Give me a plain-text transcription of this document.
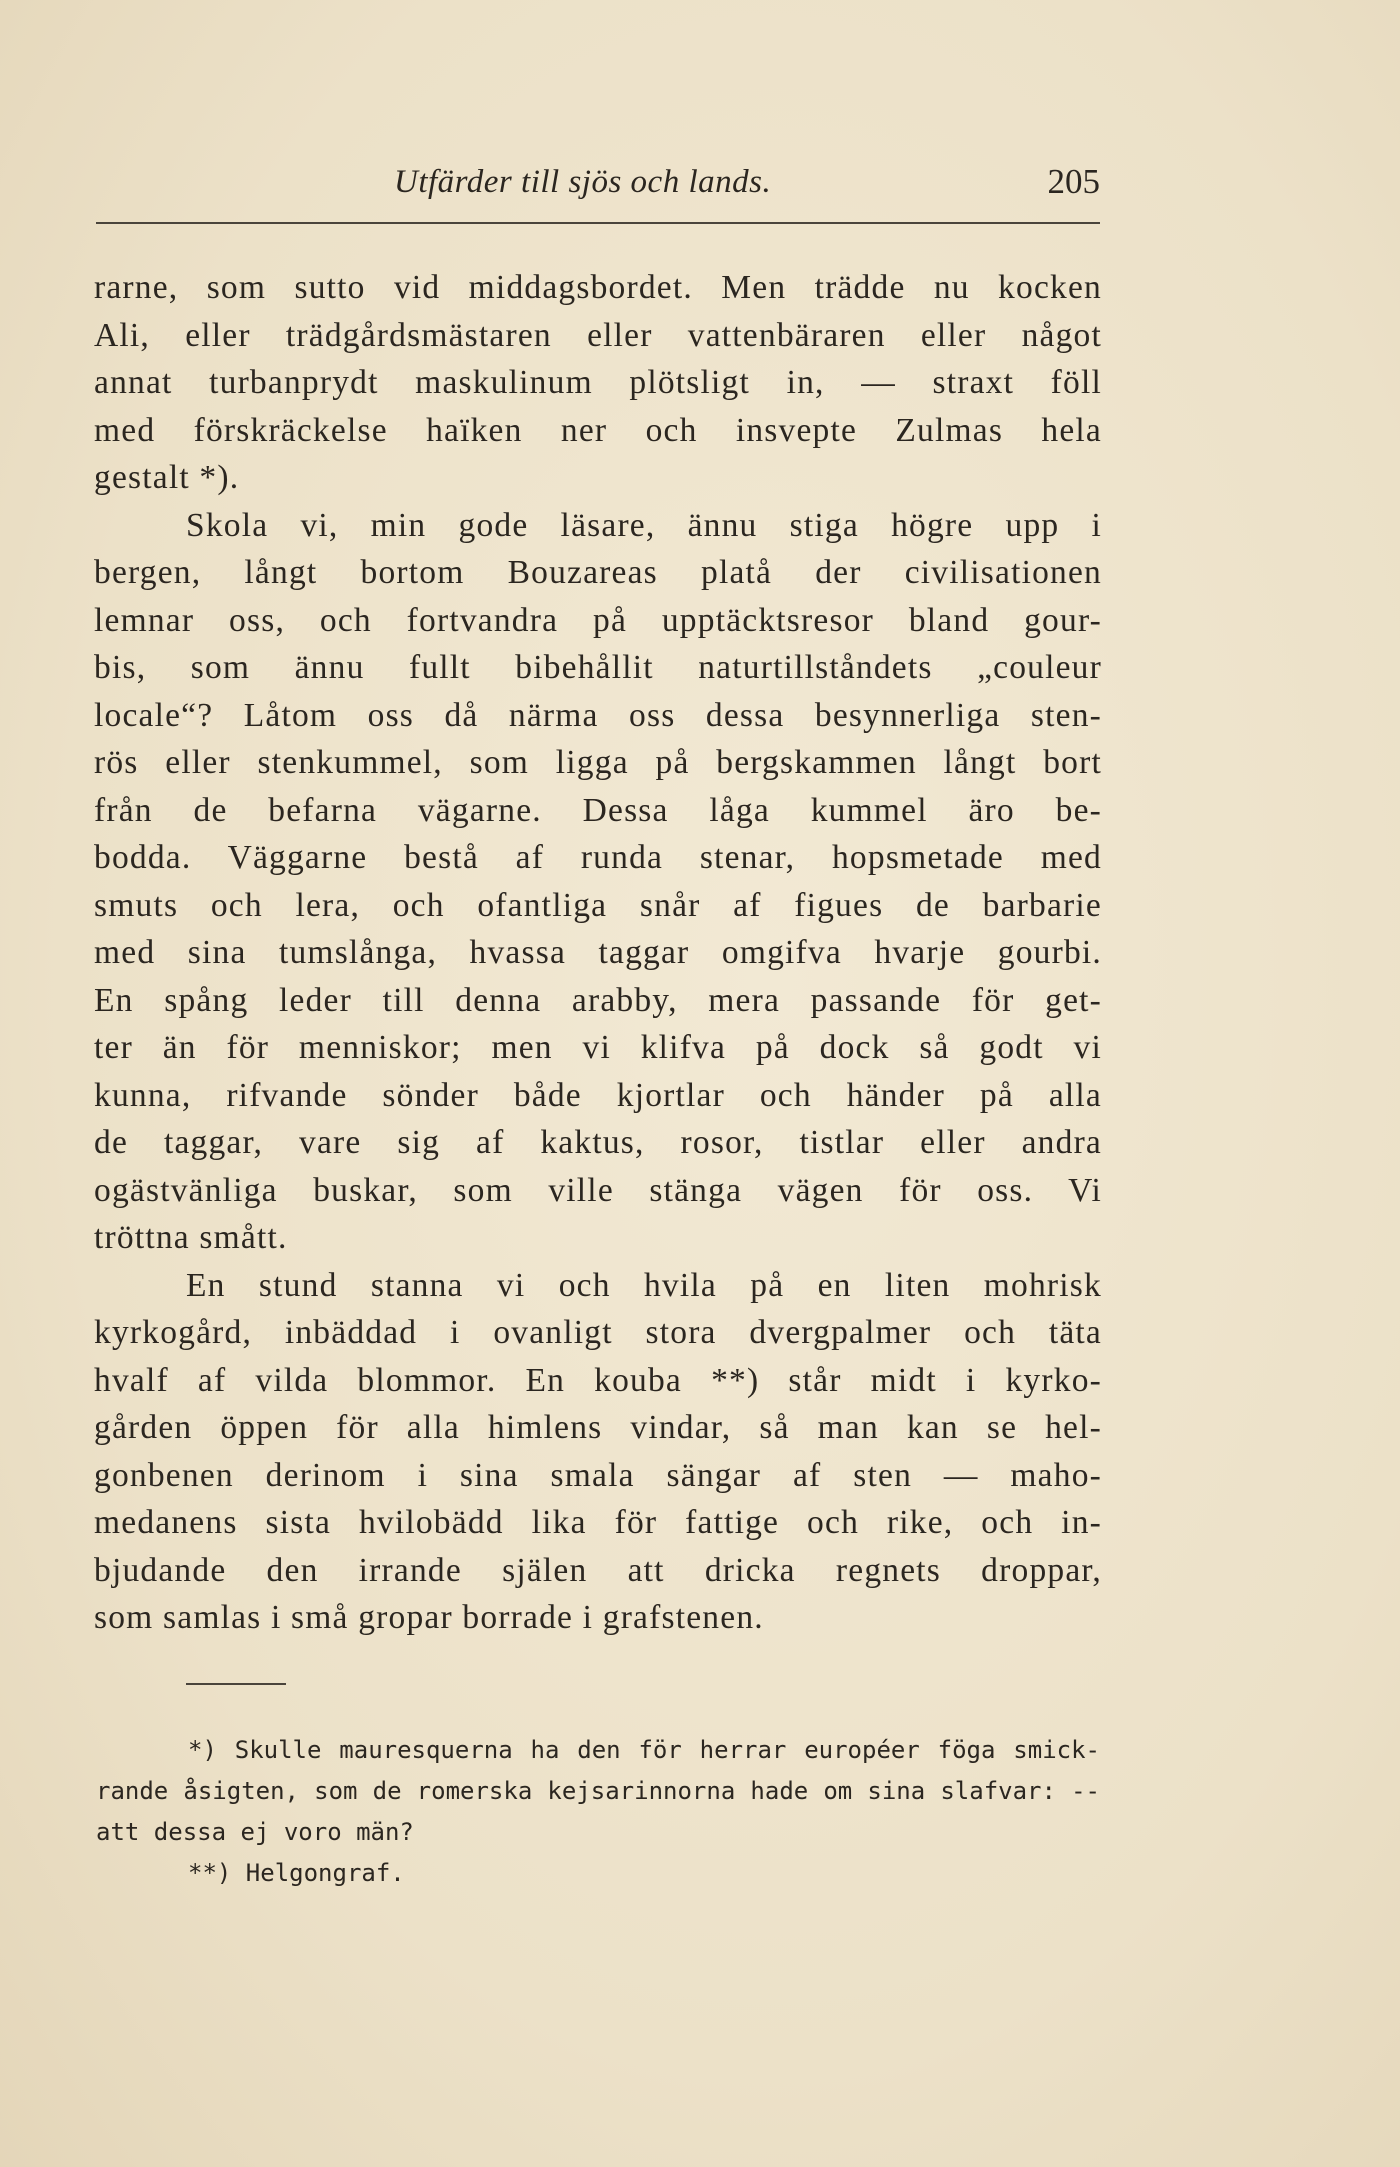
Utfärder till sjös och lands.	205
rarne, som sutto vid middagsbordet. Men trädde nu kocken
Ali, eller trädgårdsmästaren eller vattenbäraren eller något
annat turbanprydt maskulinum plötsligt in, — straxt föll
med förskräckelse haïken ner och insvepte Zulmas hela
gestalt *).
Skola vi, min gode läsare, ännu stiga högre upp i
bergen, långt bortom Bouzareas platå der civilisationen
lemnar oss, och fortvandra på upptäcktsresor bland gour-
bis, som ännu fullt bibehållit naturtillståndets „couleur
locale“? Låtom oss då närma oss dessa besynnerliga sten-
rös eller stenkummel, som ligga på bergskammen långt bort
från de befarna vägarne. Dessa låga kummel äro be-
bodda. Väggarne bestå af runda stenar, hopsmetade med
smuts och lera, och ofantliga snår af figues de barbarie
med sina tumslånga, hvassa taggar omgifva hvarje gourbi.
En spång leder till denna arabby, mera passande för get-
ter än för menniskor; men vi klifva på dock så godt vi
kunna, rifvande sönder både kjortlar och händer på alla
de taggar, vare sig af kaktus, rosor, tistlar eller andra
ogästvänliga buskar, som ville stänga vägen för oss. Vi
tröttna smått.
En stund stanna vi och hvila på en liten mohrisk
kyrkogård, inbäddad i ovanligt stora dvergpalmer och täta
hvalf af vilda blommor. En kouba **) står midt i kyrko-
gården öppen för alla himlens vindar, så man kan se hel-
gonbenen derinom i sina smala sängar af sten — maho-
medanens sista hvilobädd lika för fattige och rike, och in-
bjudande den irrande själen att dricka regnets droppar,
som samlas i små gropar borrade i grafstenen.
*) Skulle mauresquerna ha den för herrar européer föga smick-
rande åsigten, som de romerska kejsarinnorna hade om sina slafvar: --
att dessa ej voro män?
**) Helgongraf.
